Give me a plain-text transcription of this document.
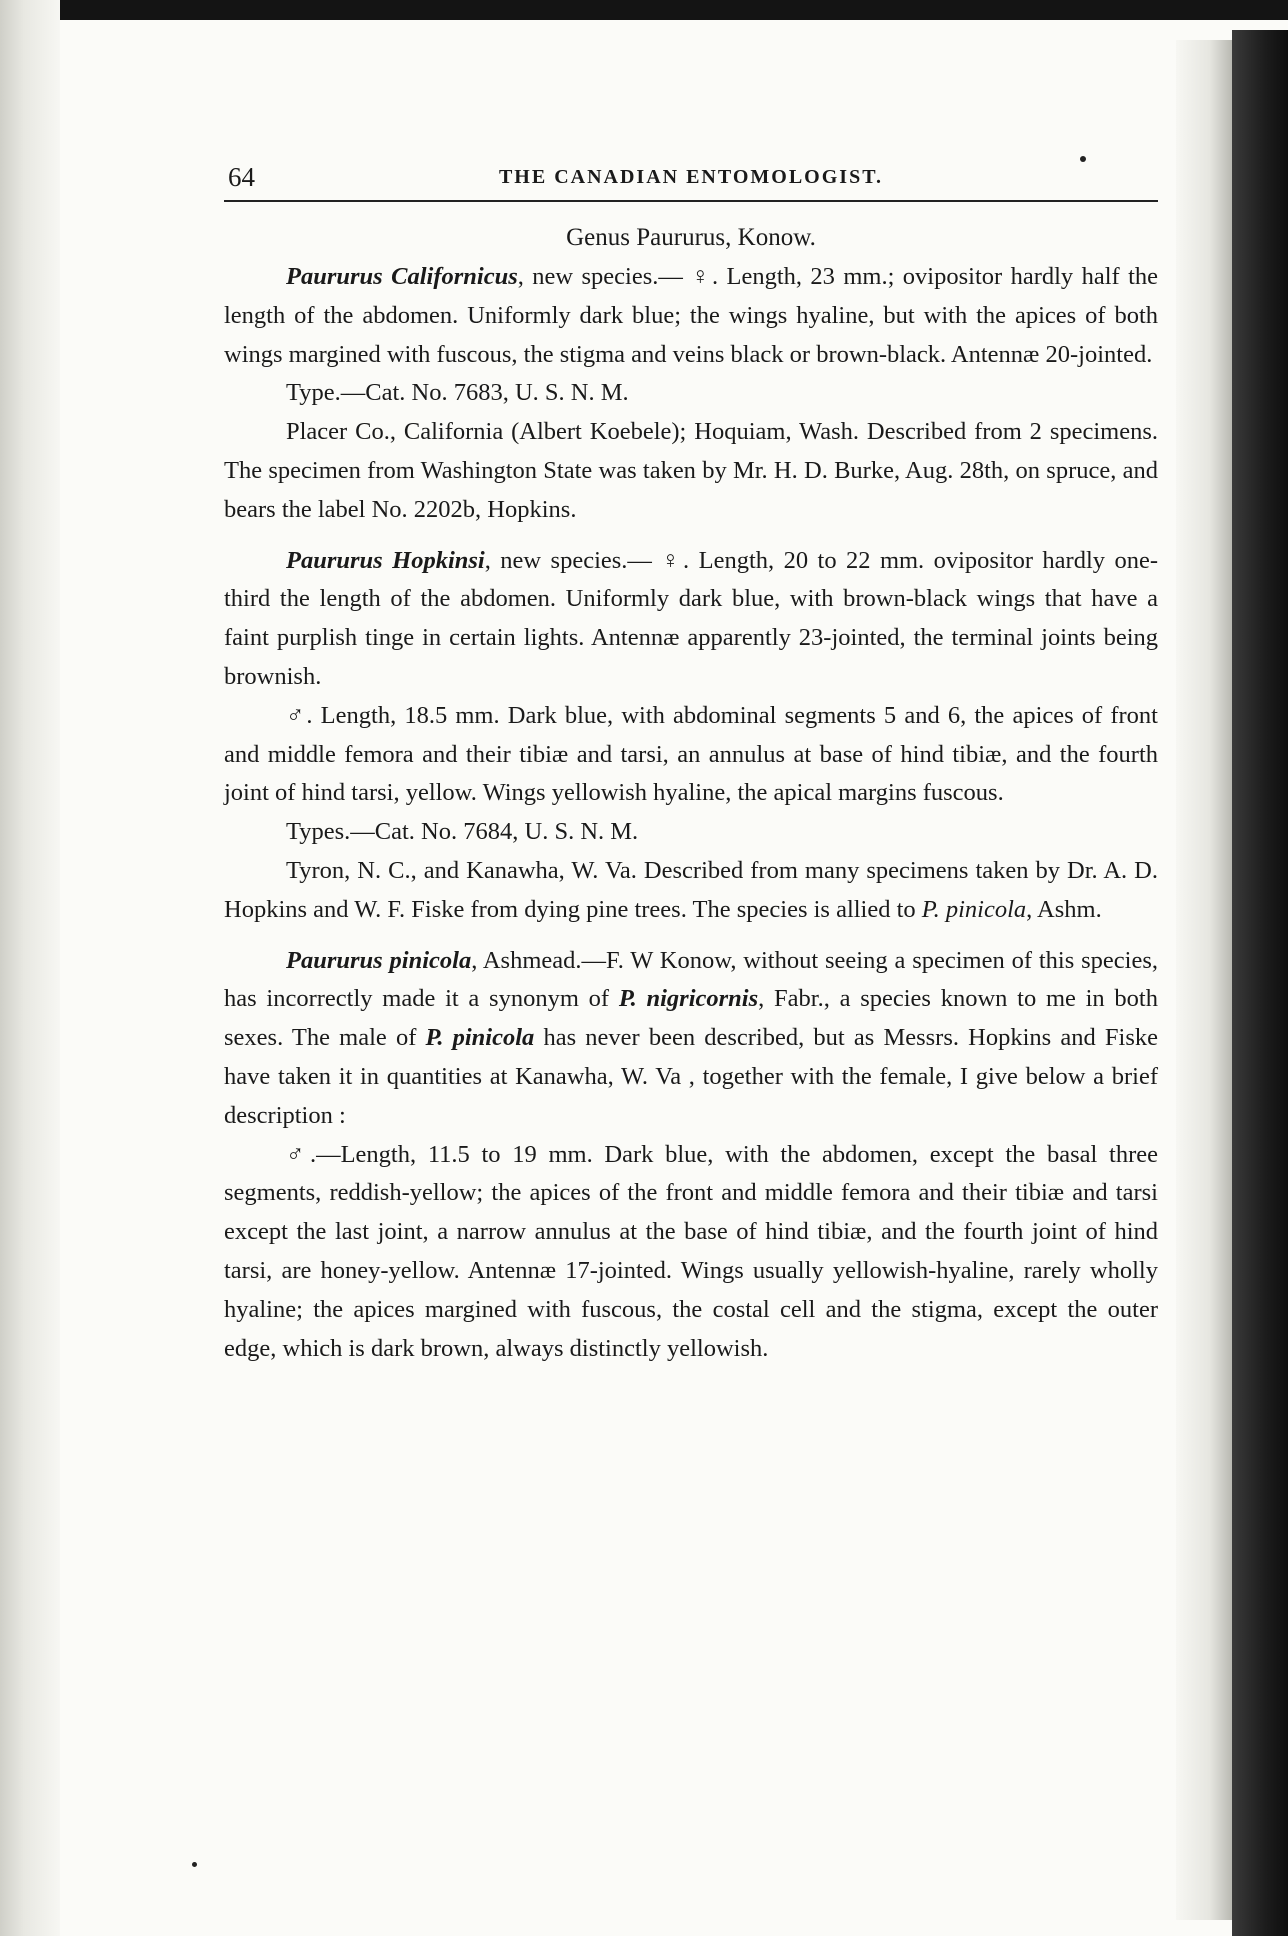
64	THE CANADIAN ENTOMOLOGIST.
Genus Paururus, Konow.

Paururus Californicus, new species.— ♀. Length, 23 mm.; ovipositor hardly half the length of the abdomen. Uniformly dark blue; the wings hyaline, but with the apices of both wings margined with fuscous, the stigma and veins black or brown-black. Antennæ 20-jointed.

Type.—Cat. No. 7683, U. S. N. M.

Placer Co., California (Albert Koebele); Hoquiam, Wash. Described from 2 specimens. The specimen from Washington State was taken by Mr. H. D. Burke, Aug. 28th, on spruce, and bears the label No. 2202b, Hopkins.

Paururus Hopkinsi, new species.— ♀. Length, 20 to 22 mm. ovipositor hardly one-third the length of the abdomen. Uniformly dark blue, with brown-black wings that have a faint purplish tinge in certain lights. Antennæ apparently 23-jointed, the terminal joints being brownish.

♂. Length, 18.5 mm. Dark blue, with abdominal segments 5 and 6, the apices of front and middle femora and their tibiæ and tarsi, an annulus at base of hind tibiæ, and the fourth joint of hind tarsi, yellow. Wings yellowish hyaline, the apical margins fuscous.

Types.—Cat. No. 7684, U. S. N. M.

Tyron, N. C., and Kanawha, W. Va. Described from many specimens taken by Dr. A. D. Hopkins and W. F. Fiske from dying pine trees. The species is allied to P. pinicola, Ashm.

Paururus pinicola, Ashmead.—F. W Konow, without seeing a specimen of this species, has incorrectly made it a synonym of P. nigricornis, Fabr., a species known to me in both sexes. The male of P. pinicola has never been described, but as Messrs. Hopkins and Fiske have taken it in quantities at Kanawha, W. Va , together with the female, I give below a brief description :

♂.—Length, 11.5 to 19 mm. Dark blue, with the abdomen, except the basal three segments, reddish-yellow; the apices of the front and middle femora and their tibiæ and tarsi except the last joint, a narrow annulus at the base of hind tibiæ, and the fourth joint of hind tarsi, are honey-yellow. Antennæ 17-jointed. Wings usually yellowish-hyaline, rarely wholly hyaline; the apices margined with fuscous, the costal cell and the stigma, except the outer edge, which is dark brown, always distinctly yellowish.
